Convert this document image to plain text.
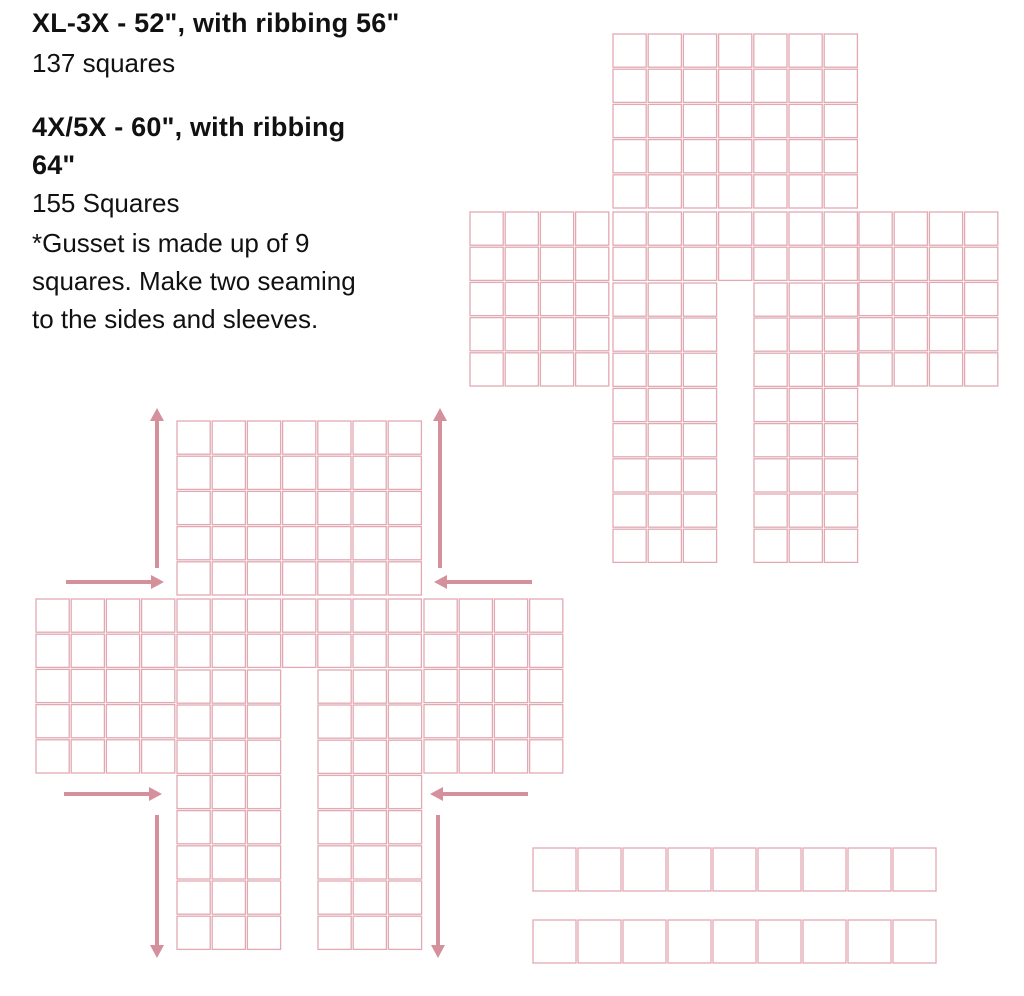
XL-3X - 52", with ribbing 56"
137 squares
4X/5X - 60", with ribbing
64"
155 Squares
*Gusset is made up of 9
squares. Make two seaming
to the sides and sleeves.
